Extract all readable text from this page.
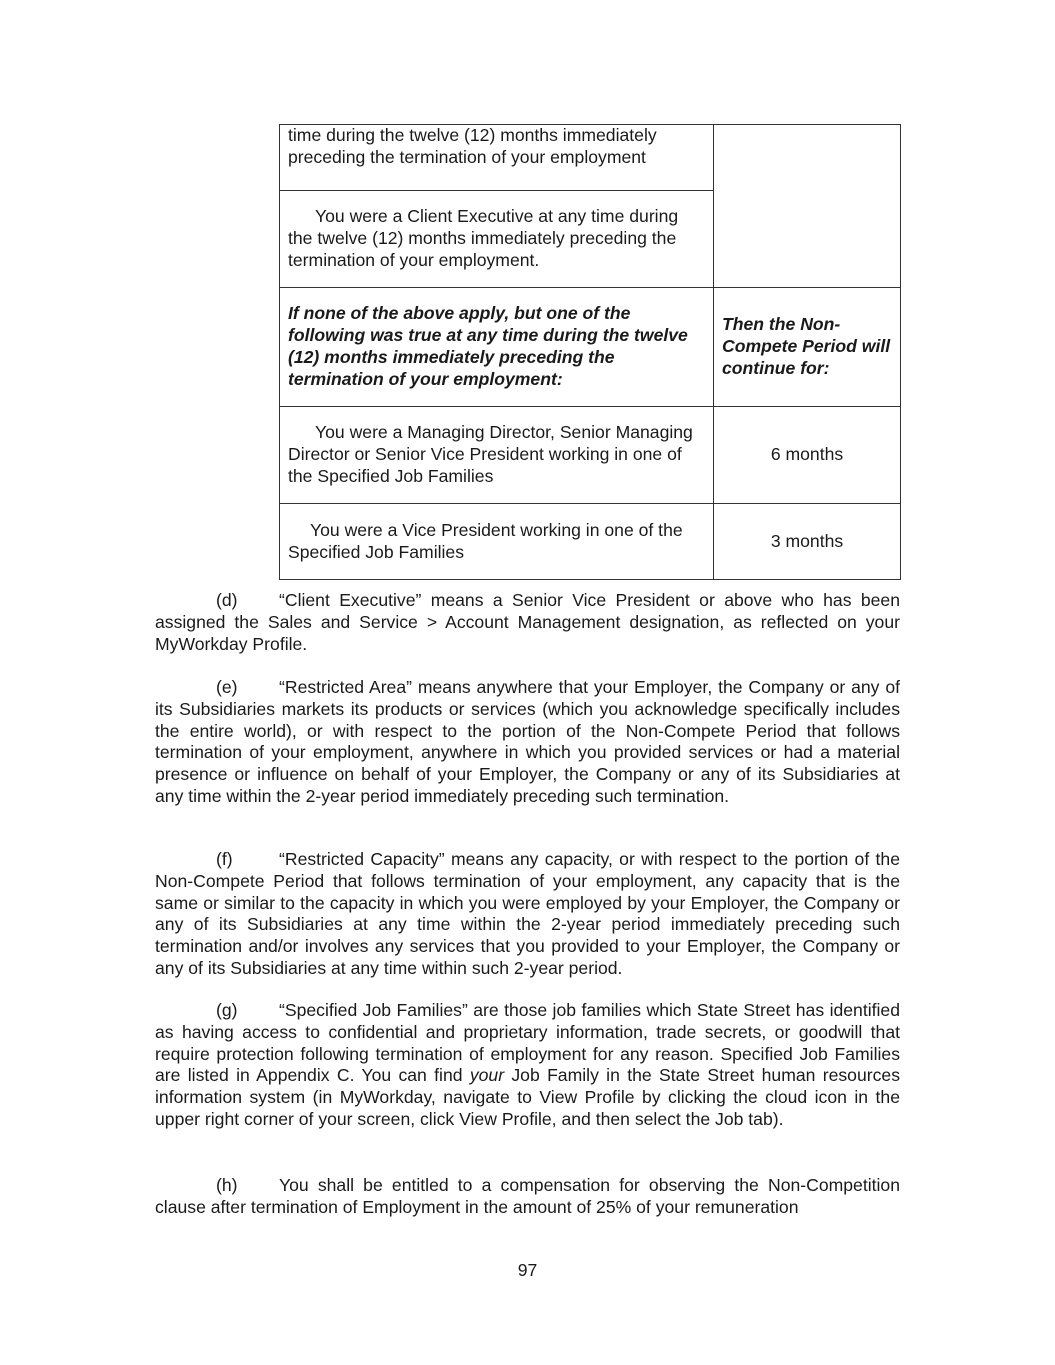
time during the twelve (12) months immediately preceding the termination of your employment	

You were a Client Executive at any time during the twelve (12) months immediately preceding the termination of your employment.	

If none of the above apply, but one of the following was true at any time during the twelve (12) months immediately preceding the termination of your employment:	Then the Non-Compete Period will continue for:

You were a Managing Director, Senior Managing Director or Senior Vice President working in one of the Specified Job Families	6 months

You were a Vice President working in one of the Specified Job Families	3 months

(d) “Client Executive” means a Senior Vice President or above who has been assigned the Sales and Service > Account Management designation, as reflected on your MyWorkday Profile.

(e) “Restricted Area” means anywhere that your Employer, the Company or any of its Subsidiaries markets its products or services (which you acknowledge specifically includes the entire world), or with respect to the portion of the Non-Compete Period that follows termination of your employment, anywhere in which you provided services or had a material presence or influence on behalf of your Employer, the Company or any of its Subsidiaries at any time within the 2-year period immediately preceding such termination.

(f)	“Restricted Capacity” means any capacity, or with respect to the portion of the Non-Compete Period that follows termination of your employment, any capacity that is the same or similar to the capacity in which you were employed by your Employer, the Company or any of its Subsidiaries at any time within the 2-year period immediately preceding such termination and/or involves any services that you provided to your Employer, the Company or any of its Subsidiaries at any time within such 2-year period.

(g) “Specified Job Families” are those job families which State Street has identified as having access to confidential and proprietary information, trade secrets, or goodwill that require protection following termination of employment for any reason. Specified Job Families are listed in Appendix C. You can find your Job Family in the State Street human resources information system (in MyWorkday, navigate to View Profile by clicking the cloud icon in the upper right corner of your screen, click View Profile, and then select the Job tab).

(h) You shall be entitled to a compensation for observing the Non-Competition clause after termination of Employment in the amount of 25% of your remuneration

97
